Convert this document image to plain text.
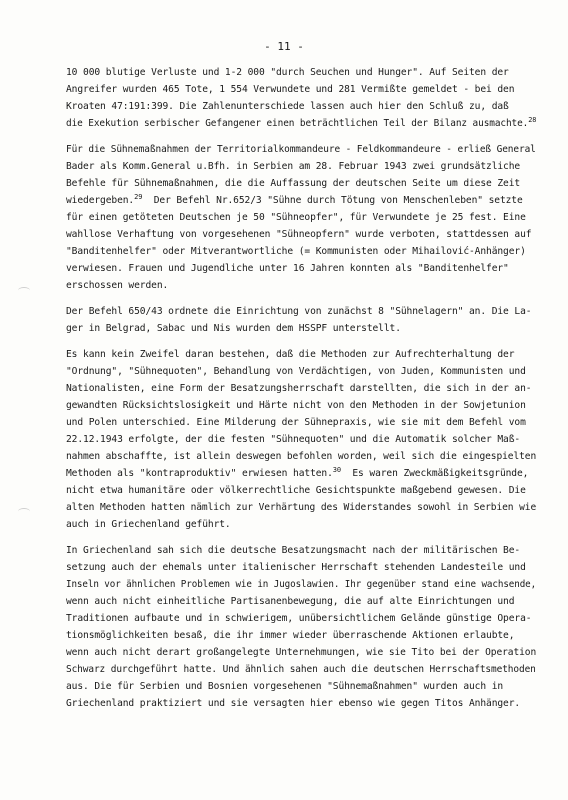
- 11 -
10 000 blutige Verluste und 1-2 000 "durch Seuchen und Hunger". Auf Seiten der
Angreifer wurden 465 Tote, 1 554 Verwundete und 281 Vermißte gemeldet - bei den
Kroaten 47:191:399. Die Zahlenunterschiede lassen auch hier den Schluß zu, daß
die Exekution serbischer Gefangener einen beträchtlichen Teil der Bilanz ausmachte.$^{28}$
Für die Sühnemaßnahmen der Territorialkommandeure - Feldkommandeure - erließ General
Bader als Komm.General u.Bfh. in Serbien am 28. Februar 1943 zwei grundsätzliche
Befehle für Sühnemaßnahmen, die die Auffassung der deutschen Seite um diese Zeit
wiedergeben.$^{29}$  Der Befehl Nr.652/3 "Sühne durch Tötung von Menschenleben" setzte
für einen getöteten Deutschen je 50 "Sühneopfer", für Verwundete je 25 fest. Eine
wahllose Verhaftung von vorgesehenen "Sühneopfern" wurde verboten, stattdessen auf
"Banditenhelfer" oder Mitverantwortliche (= Kommunisten oder Mihailović-Anhänger)
verwiesen. Frauen und Jugendliche unter 16 Jahren konnten als "Banditenhelfer"
erschossen werden.
Der Befehl 650/43 ordnete die Einrichtung von zunächst 8 "Sühnelagern" an. Die La-
ger in Belgrad, Sabac und Nis wurden dem HSSPF unterstellt.
Es kann kein Zweifel daran bestehen, daß die Methoden zur Aufrechterhaltung der
"Ordnung", "Sühnequoten", Behandlung von Verdächtigen, von Juden, Kommunisten und
Nationalisten, eine Form der Besatzungsherrschaft darstellten, die sich in der an-
gewandten Rücksichtslosigkeit und Härte nicht von den Methoden in der Sowjetunion
und Polen unterschied. Eine Milderung der Sühnepraxis, wie sie mit dem Befehl vom
22.12.1943 erfolgte, der die festen "Sühnequoten" und die Automatik solcher Maß-
nahmen abschaffte, ist allein deswegen befohlen worden, weil sich die eingespielten
Methoden als "kontraproduktiv" erwiesen hatten.$^{30}$  Es waren Zweckmäßigkeitsgründe,
nicht etwa humanitäre oder völkerrechtliche Gesichtspunkte maßgebend gewesen. Die
alten Methoden hatten nämlich zur Verhärtung des Widerstandes sowohl in Serbien wie
auch in Griechenland geführt.
In Griechenland sah sich die deutsche Besatzungsmacht nach der militärischen Be-
setzung auch der ehemals unter italienischer Herrschaft stehenden Landesteile und
Inseln vor ähnlichen Problemen wie in Jugoslawien. Ihr gegenüber stand eine wachsende,
wenn auch nicht einheitliche Partisanenbewegung, die auf alte Einrichtungen und
Traditionen aufbaute und in schwierigem, unübersichtlichem Gelände günstige Opera-
tionsmöglichkeiten besaß, die ihr immer wieder überraschende Aktionen erlaubte,
wenn auch nicht derart großangelegte Unternehmungen, wie sie Tito bei der Operation
Schwarz durchgeführt hatte. Und ähnlich sahen auch die deutschen Herrschaftsmethoden
aus. Die für Serbien und Bosnien vorgesehenen "Sühnemaßnahmen" wurden auch in
Griechenland praktiziert und sie versagten hier ebenso wie gegen Titos Anhänger.
